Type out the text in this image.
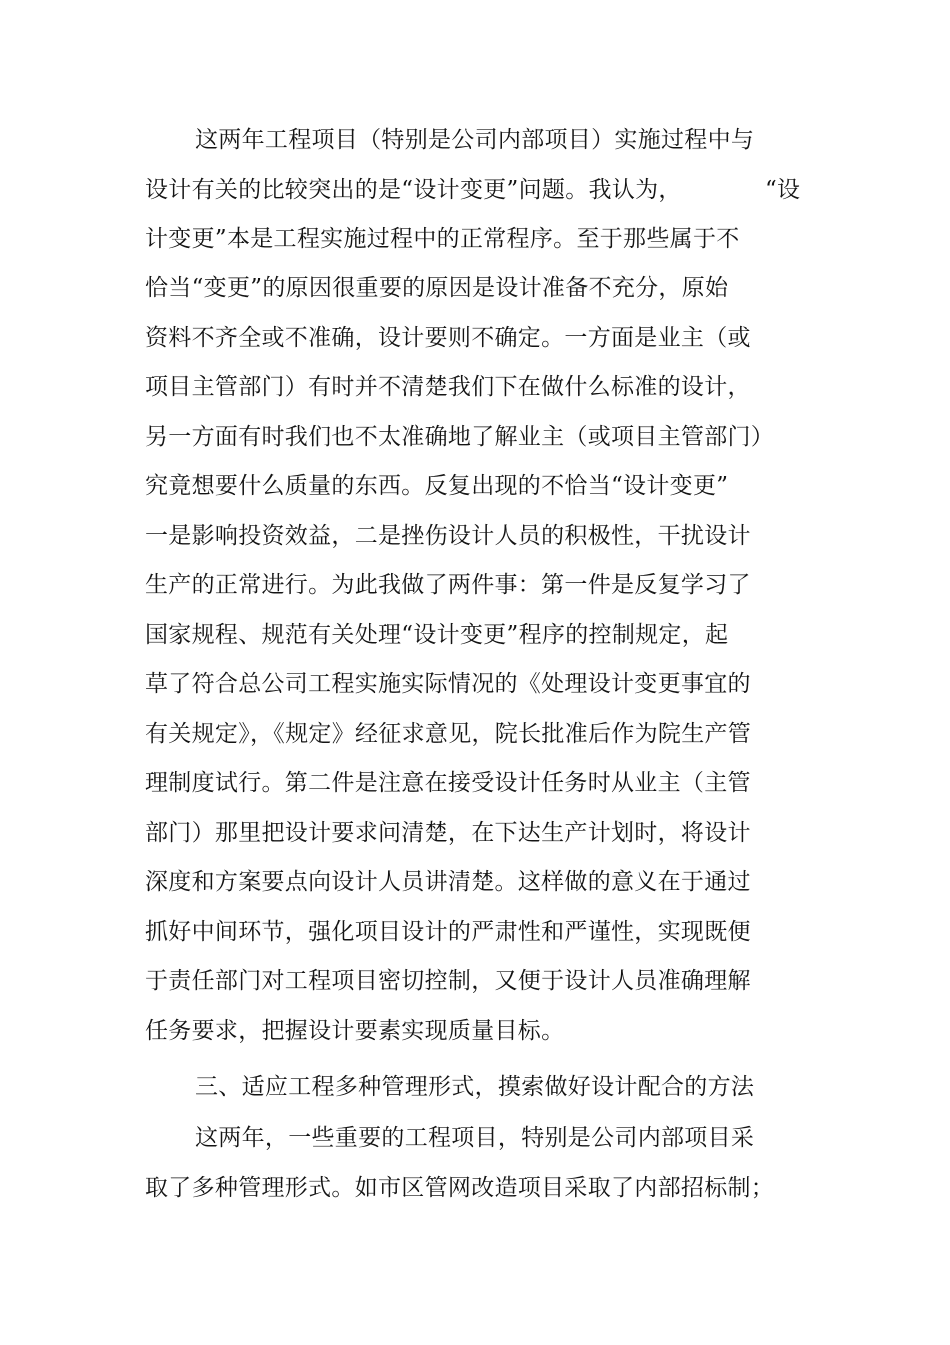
这两年工程项目（特别是公司内部项目）实施过程中与
设计有关的比较突出的是“设计变更”问题。我认为，	“设
计变更”本是工程实施过程中的正常程序。至于那些属于不
恰当“变更”的原因很重要的原因是设计准备不充分，原始
资料不齐全或不准确，设计要则不确定。一方面是业主（或
项目主管部门）有时并不清楚我们下在做什么标准的设计，
另一方面有时我们也不太准确地了解业主（或项目主管部门）
究竟想要什么质量的东西。反复出现的不恰当“设计变更”
一是影响投资效益，二是挫伤设计人员的积极性，干扰设计
生产的正常进行。为此我做了两件事：第一件是反复学习了
国家规程、规范有关处理“设计变更”程序的控制规定，起
草了符合总公司工程实施实际情况的《处理设计变更事宜的
有关规定》，《规定》经征求意见，院长批准后作为院生产管
理制度试行。第二件是注意在接受设计任务时从业主（主管
部门）那里把设计要求问清楚，在下达生产计划时，将设计
深度和方案要点向设计人员讲清楚。这样做的意义在于通过
抓好中间环节，强化项目设计的严肃性和严谨性，实现既便
于责任部门对工程项目密切控制，又便于设计人员准确理解
任务要求，把握设计要素实现质量目标。
三、适应工程多种管理形式，摸索做好设计配合的方法
这两年，一些重要的工程项目，特别是公司内部项目采
取了多种管理形式。如市区管网改造项目采取了内部招标制；
